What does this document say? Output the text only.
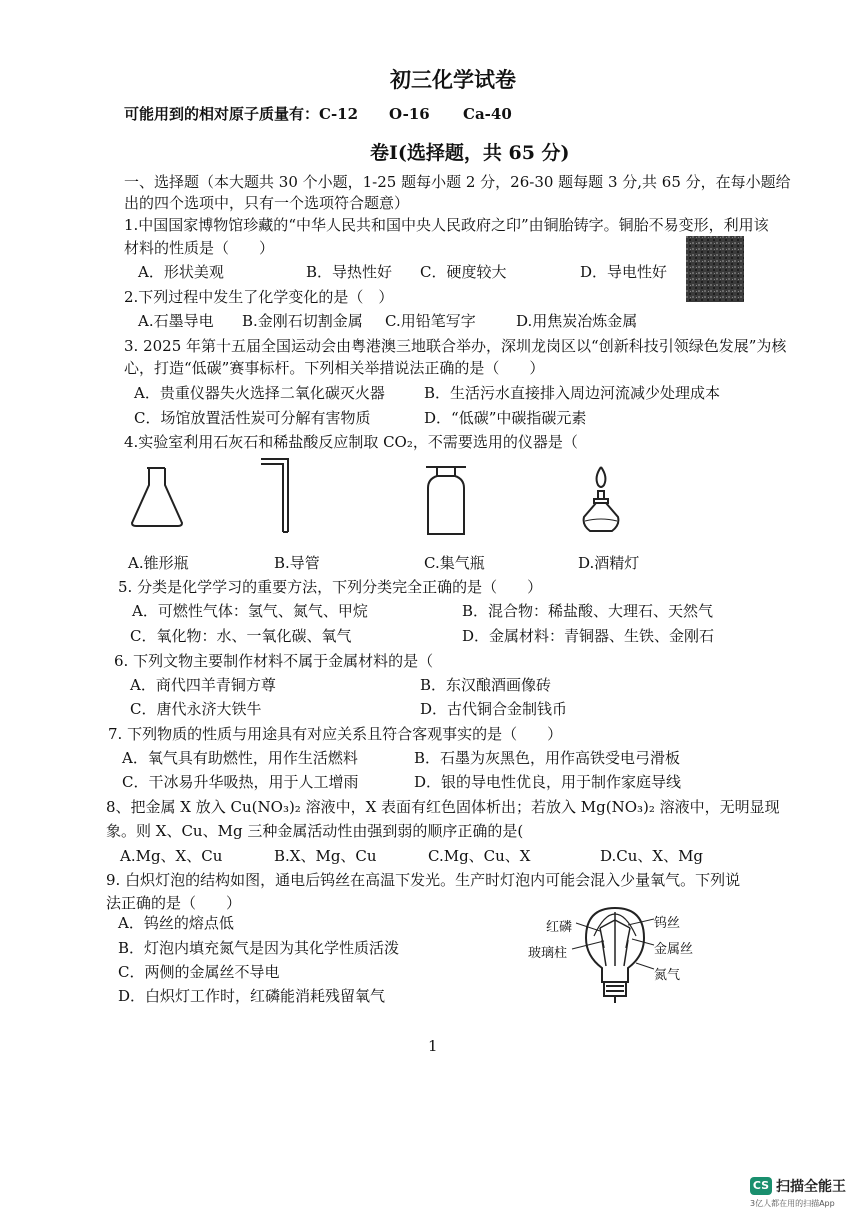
初三化学试卷
可能用到的相对原子质量有：C-12 O-16 Ca-40
卷I(选择题，共 65 分)
一、选择题（本大题共 30 个小题，1-25 题每小题 2 分，26-30 题每题 3 分,共 65 分，在每小题给
出的四个选项中，只有一个选项符合题意）
1.中国国家博物馆珍藏的“中华人民共和国中央人民政府之印”由铜胎铸字。铜胎不易变形，利用该
材料的性质是（　　）
A．形状美观	B．导热性好 C．硬度较大	D．导电性好
2.下列过程中发生了化学变化的是（　）
A.石墨导电 B.金刚石切割金属 C.用铅笔写字	D.用焦炭冶炼金属
3. 2025 年第十五届全国运动会由粤港澳三地联合举办，深圳龙岗区以“创新科技引领绿色发展”为核
心，打造“低碳”赛事标杆。下列相关举措说法正确的是（　　）
A．贵重仪器失火选择二氧化碳灭火器	B．生活污水直接排入周边河流减少处理成本
C．场馆放置活性炭可分解有害物质	D．“低碳”中碳指碳元素
4.实验室利用石灰石和稀盐酸反应制取 CO₂，不需要选用的仪器是（
A.锥形瓶	B.导管	C.集气瓶	D.酒精灯
5. 分类是化学学习的重要方法，下列分类完全正确的是（　　）
A．可燃性气体：氢气、氮气、甲烷	B．混合物：稀盐酸、大理石、天然气
C．氧化物：水、一氧化碳、氧气	D．金属材料：青铜器、生铁、金刚石
6. 下列文物主要制作材料不属于金属材料的是（
A．商代四羊青铜方尊	B．东汉酿酒画像砖
C．唐代永济大铁牛	D．古代铜合金制钱币
7. 下列物质的性质与用途具有对应关系且符合客观事实的是（　　）
A．氧气具有助燃性，用作生活燃料	B．石墨为灰黑色，用作高铁受电弓滑板
C．干冰易升华吸热，用于人工增雨	D．银的导电性优良，用于制作家庭导线
8、把金属 X 放入 Cu(NO₃)₂ 溶液中，X 表面有红色固体析出；若放入 Mg(NO₃)₂ 溶液中，无明显现
象。则 X、Cu、Mg 三种金属活动性由强到弱的顺序正确的是(
A.Mg、X、Cu	B.X、Mg、Cu	C.Mg、Cu、X	D.Cu、X、Mg
9. 白炽灯泡的结构如图，通电后钨丝在高温下发光。生产时灯泡内可能会混入少量氧气。下列说
法正确的是（　　）
A．钨丝的熔点低
B．灯泡内填充氮气是因为其化学性质活泼
C．两侧的金属丝不导电
D．白炽灯工作时，红磷能消耗残留氧气
红磷	钨丝
玻璃柱	金属丝
氮气
1
CS 扫描全能王
3亿人都在用的扫描App
